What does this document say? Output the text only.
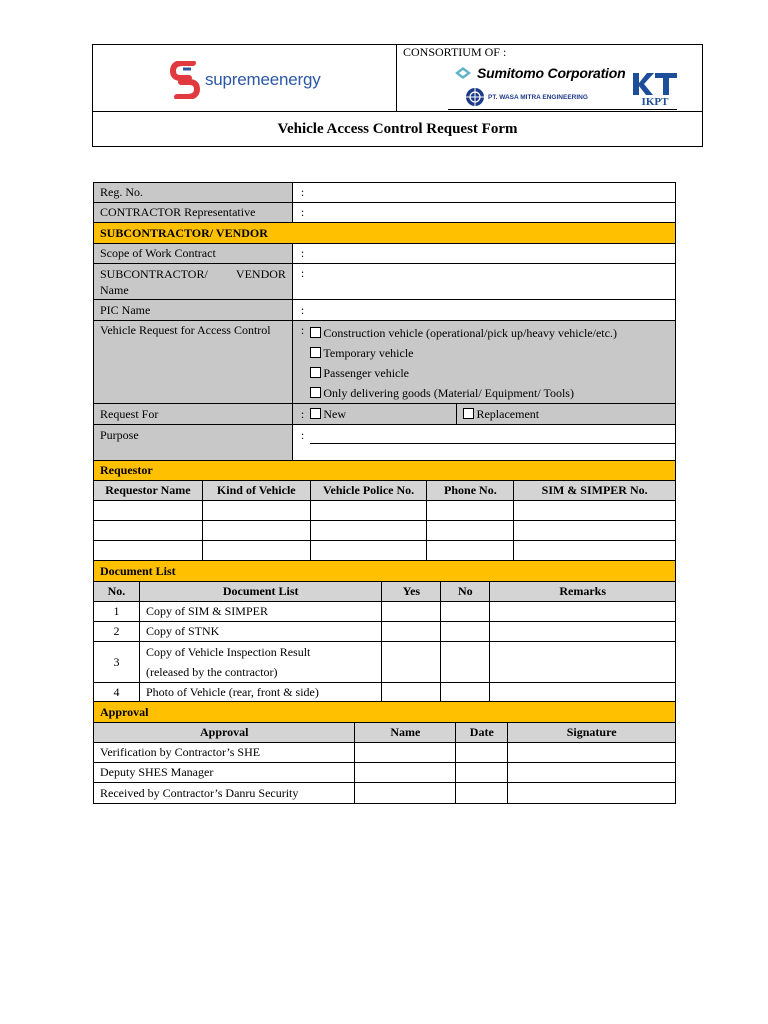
supremeenergy
CONSORTIUM OF :
Sumitomo Corporation
PT. WASA MITRA ENGINEERING	IKPT
Vehicle Access Control Request Form
Reg. No.	:		
CONTRACTOR Representative	:		
SUBCONTRACTOR/ VENDOR			
Scope of Work Contract	:		

SUBCONTRACTOR/ VENDOR
Name	:		
PIC Name	:		
Vehicle Request for Access Control	:	Construction vehicle (operational/pick up/heavy vehicle/etc.)
Temporary vehicle
Passenger vehicle
Only delivering goods (Material/ Equipment/ Tools)	

Request For	:	New	Replacement
Purpose	:		
Requestor				
Requestor Name	Kind of Vehicle	Vehicle Police No.	Phone No.	SIM & SIMPER No.

Document List				
No.	Document List	Yes	No	Remarks
1	Copy of SIM & SIMPER			
2	Copy of STNK			
3	Copy of Vehicle Inspection Result
(released by the contractor)			

4	Photo of Vehicle (rear, front & side)			
Approval			
Approval	Name	Date	Signature
Verification by Contractor’s SHE			
Deputy SHES Manager			
Received by Contractor’s Danru Security			
